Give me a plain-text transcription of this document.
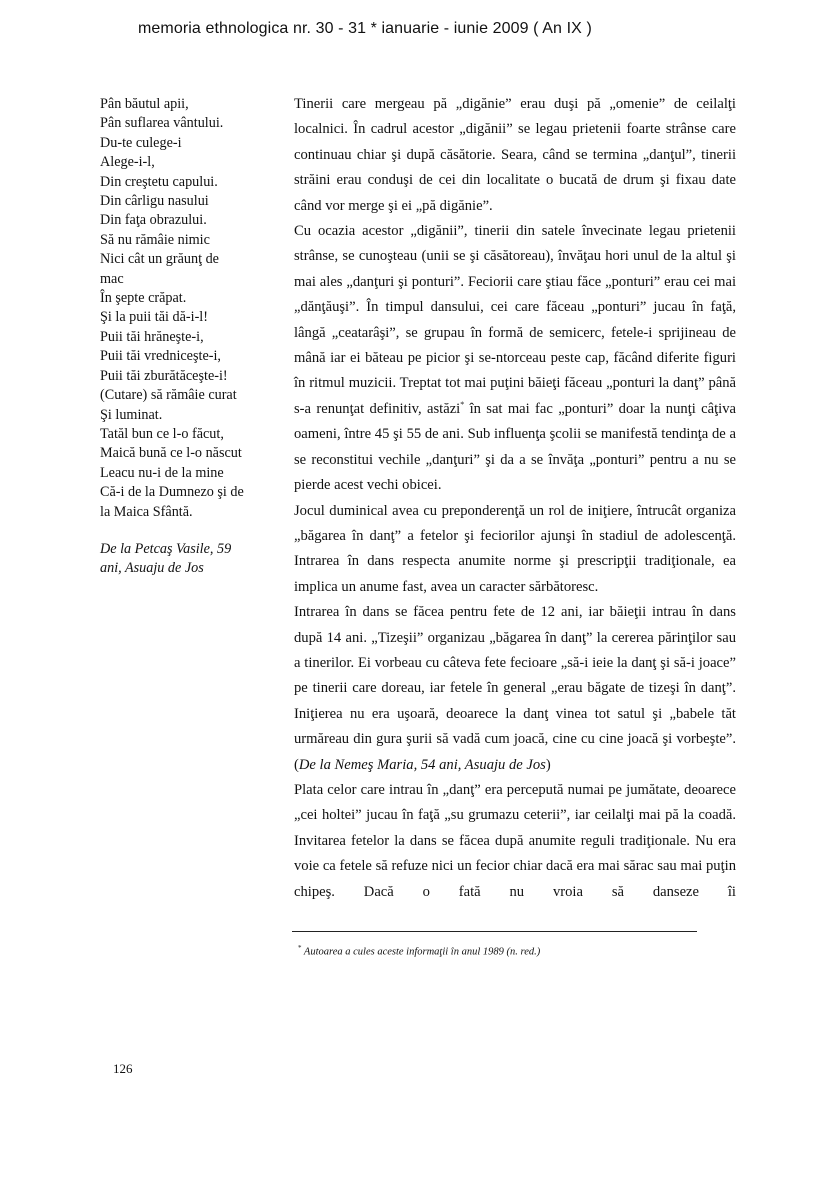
memoria ethnologica nr. 30 - 31 * ianuarie - iunie 2009 ( An IX )
Pân băutul apii,
Pân suflarea vântului.
Du-te culege-i
Alege-i-l,
Din creştetu capului.
Din cârligu nasului
Din faţa obrazului.
Să nu rămâie nimic
Nici cât un grăunţ de
mac
În şepte crăpat.
Şi la puii tăi dă-i-l!
Puii tăi hrăneşte-i,
Puii tăi vredniceşte-i,
Puii tăi zburătăceşte-i!
(Cutare) să rămâie curat
Şi luminat.
Tatăl bun ce l-o făcut,
Maică bună ce l-o născut
Leacu nu-i de la mine
Că-i de la Dumnezo şi de
la Maica Sfântă.
De la Petcaş Vasile, 59
ani, Asuaju de Jos

Tinerii care mergeau pă „digănie” erau duşi pă „omenie” de ceilalţi localnici. În cadrul acestor „digănii” se legau prietenii foarte strânse care continuau chiar şi după căsătorie. Seara, când se termina „danţul”, tinerii străini erau conduşi de cei din localitate o bucată de drum şi fixau date când vor merge şi ei „pă digănie”.

Cu ocazia acestor „digănii”, tinerii din satele învecinate legau prietenii strânse, se cunoşteau (unii se şi căsătoreau), învăţau hori unul de la altul şi mai ales „danţuri şi ponturi”. Feciorii care ştiau făce „ponturi” erau cei mai „dănţăuşi”. În timpul dansului, cei care făceau „ponturi” jucau în faţă, lângă „ceatarâşi”, se grupau în formă de semicerc, fetele-i sprijineau de mână iar ei băteau pe picior şi se-ntorceau peste cap, făcând diferite figuri în ritmul muzicii. Treptat tot mai puţini băieţi făceau „ponturi la danţ” până s-a renunţat definitiv, astăzi* în sat mai fac „ponturi” doar la nunţi câţiva oameni, între 45 şi 55 de ani. Sub influenţa şcolii se manifestă tendinţa de a se reconstitui vechile „danţuri” şi da a se învăţa „ponturi” pentru a nu se pierde acest vechi obicei.

Jocul duminical avea cu preponderenţă un rol de iniţiere, întrucât organiza „băgarea în danţ” a fetelor şi feciorilor ajunşi în stadiul de adolescenţă. Intrarea în dans respecta anumite norme şi prescripţii tradiţionale, ea implica un anume fast, avea un caracter sărbătoresc.

Intrarea în dans se făcea pentru fete de 12 ani, iar băieţii intrau în dans după 14 ani. „Tizeşii” organizau „băgarea în danţ” la cererea părinţilor sau a tinerilor. Ei vorbeau cu câteva fete fecioare „să-i ieie la danţ şi să-i joace” pe tinerii care doreau, iar fetele în general „erau băgate de tizeşi în danţ”. Iniţierea nu era uşoară, deoarece la danţ vinea tot satul şi „babele tăt urmăreau din gura şurii să vadă cum joacă, cine cu cine joacă şi vorbeşte”. (De la Nemeş Maria, 54 ani, Asuaju de Jos)

Plata celor care intrau în „danţ” era percepută numai pe jumătate, deoarece „cei holtei” jucau în faţă „su grumazu ceterii”, iar ceilalţi mai pă la coadă. Invitarea fetelor la dans se făcea după anumite reguli tradiţionale. Nu era voie ca fetele să refuze nici un fecior chiar dacă era mai sărac sau mai puţin chipeş. Dacă o fată nu vroia să danseze îi

* Autoarea a cules aceste informaţii în anul 1989 (n. red.)
126
